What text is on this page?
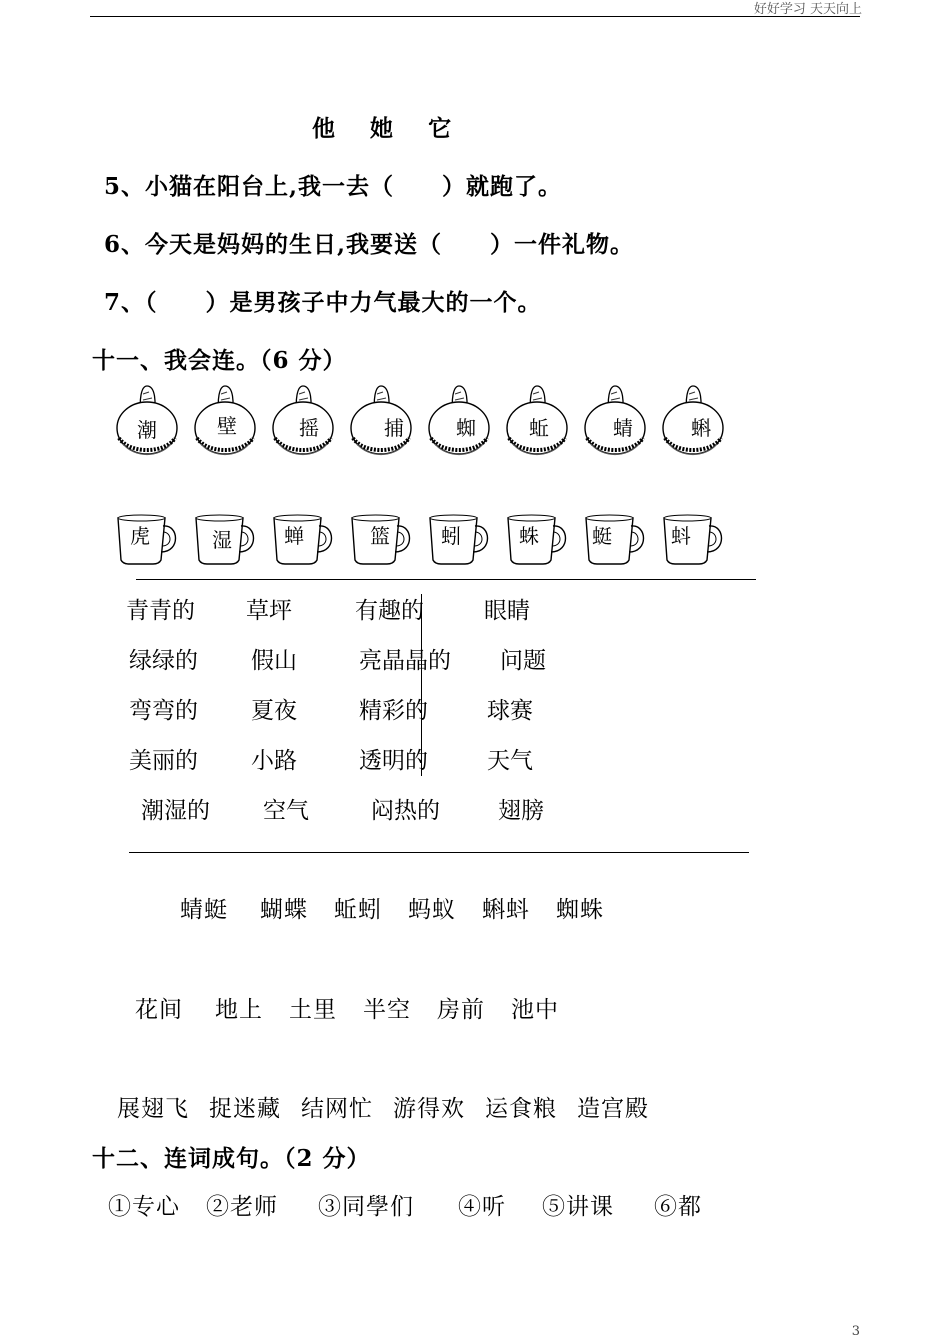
好好学习 天天向上
他 她 它
5、小猫在阳台上,我一去（　　）就跑了。
6、今天是妈妈的生日,我要送（　　）一件礼物。
7、（　　）是男孩子中力气最大的一个。
十一、我会连。（6 分）
潮	壁	摇	捕	蜘	蚯	蜻	蝌
虎	湿	蝉	篮	蚓	蛛	蜓	蚪
青青的 草坪	有趣的	眼睛
绿绿的 假山	亮晶晶的 问题
弯弯的 夏夜	精彩的	球赛
美丽的 小路	透明的	天气
潮湿的 空气	闷热的	翅膀
蜻蜓 蝴蝶 蚯蚓 蚂蚁 蝌蚪 蜘蛛
花间 地上 土里 半空 房前 池中
展翅飞 捉迷藏 结网忙 游得欢 运食粮 造宫殿
十二、连词成句。（2 分）
①专心 ②老师 ③同學们 ④听 ⑤讲课 ⑥都
3
